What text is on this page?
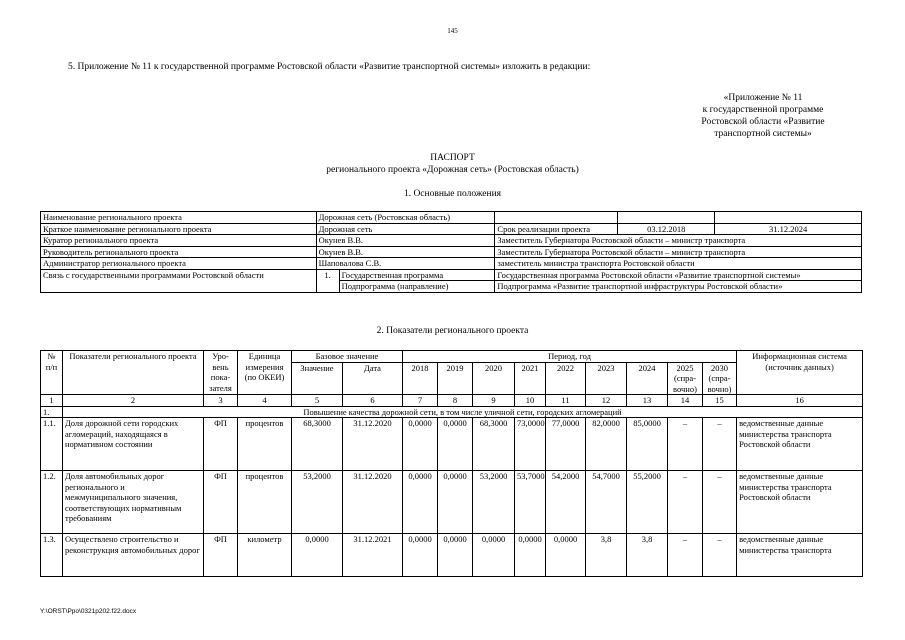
145
5. Приложение № 11 к государственной программе Ростовской области «Развитие транспортной системы» изложить в редакции:
«Приложение № 11
к государственной программе
Ростовской области «Развитие
транспортной системы»
ПАСПОРТ
регионального проекта «Дорожная сеть» (Ростовская область)
1. Основные положения
Наименование регионального проекта	Дорожная сеть (Ростовская область)				
Краткое наименование регионального проекта	Дорожная сеть		Срок реализации проекта	03.12.2018	31.12.2024
Куратор регионального проекта	Окунев В.В.		Заместитель Губернатора Ростовской области – министр транспорта		
Руководитель регионального проекта	Окунев В.В.		Заместитель Губернатора Ростовской области – министр транспорта		
Администратор регионального проекта	Шаповалова С.В.		заместитель министра транспорта Ростовской области		
Связь с государственными программами Ростовской области	1.	Государственная программа	Государственная программа Ростовской области «Развитие транспортной системы»		
		Подпрограмма (направление)	Подпрограмма «Развитие транспортной инфраструктуры Ростовской области»		
2. Показатели регионального проекта
№ п/п	Показатели регионального проекта	Уро-вень пока-зателя	Единица измерения (по ОКЕИ)	Базовое значение		Период, год									Информационная система (источник данных)
				Значение	Дата	2018	2019	2020	2021	2022	2023	2024	2025 (спра-вочно)	2030 (спра-вочно)	
1	2	3	4	5	6	7	8	9	10	11	12	13	14	15	16
1.	Повышение качества дорожной сети, в том числе уличной сети, городских агломераций														
1.1.	Доля дорожной сети городских агломераций, находящаяся в нормативном состоянии	ФП	процентов	68,3000	31.12.2020	0,0000	0,0000	68,3000	73,0000	77,0000	82,0000	85,0000	–	–	ведомственные данные министерства транспорта Ростовской области
1.2.	Доля автомобильных дорог регионального и межмуниципального значения, соответствующих нормативным требованиям	ФП	процентов	53,2000	31.12.2020	0,0000	0,0000	53,2000	53,7000	54,2000	54,7000	55,2000	–	–	ведомственные данные министерства транспорта Ростовской области
1.3.	Осуществлено строительство и реконструкция автомобильных дорог	ФП	километр	0,0000	31.12.2021	0,0000	0,0000	0,0000	0,0000	0,0000	3,8	3,8	–	–	ведомственные данные министерства транспорта
Y:\ORST\Ppo\0321p202.f22.docx
